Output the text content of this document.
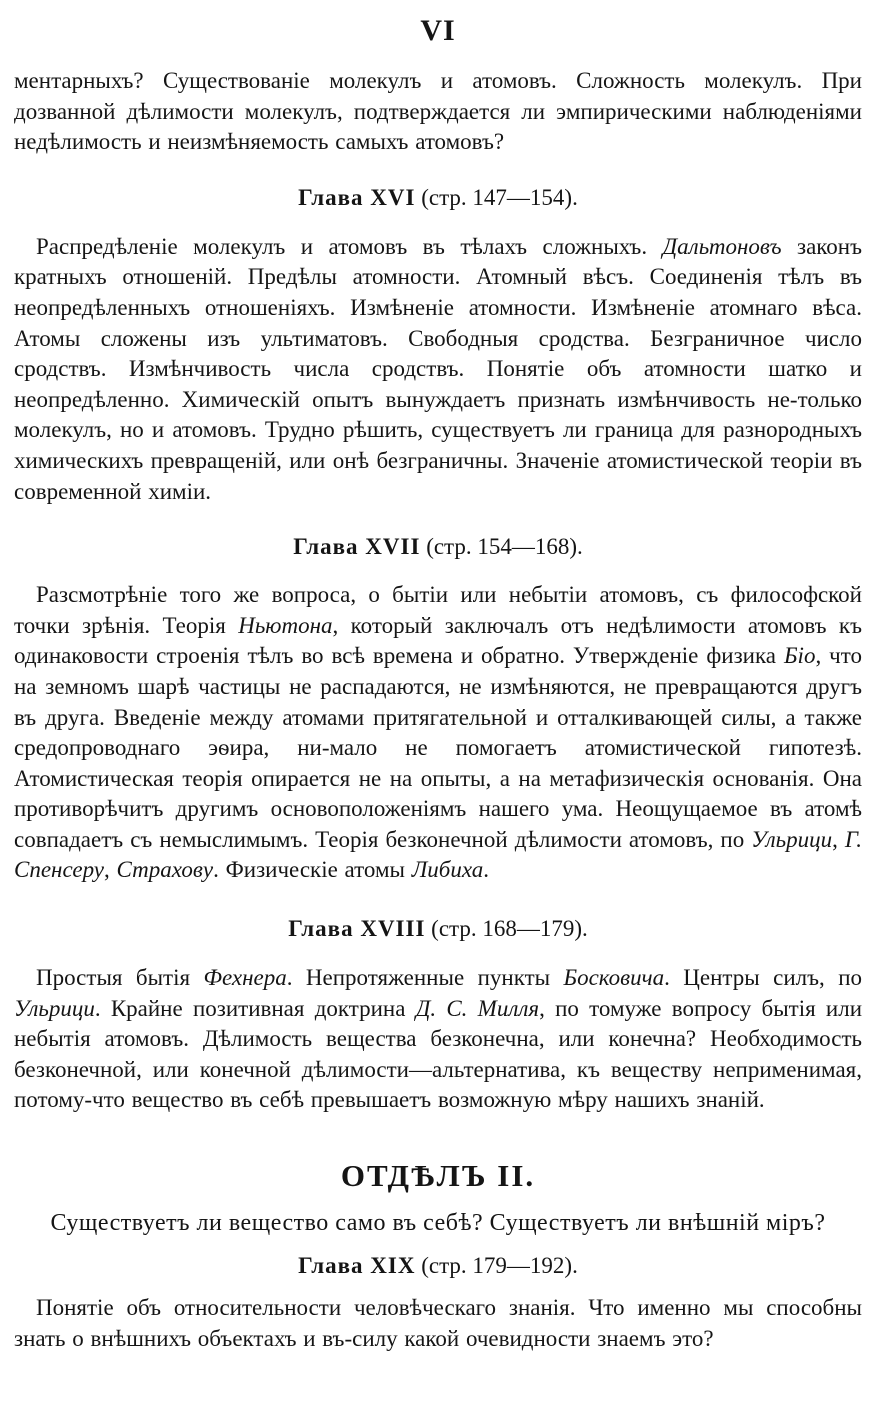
VI

ментарныхъ? Существованіе молекулъ и атомовъ. Сложность молекулъ. При дозванной дѣлимости молекулъ, подтверждается ли эмпирическими наблюденіями недѣлимость и неизмѣняемость самыхъ атомовъ?

Глава XVI (стр. 147—154).

Распредѣленіе молекулъ и атомовъ въ тѣлахъ сложныхъ. Дальтоновъ законъ кратныхъ отношеній. Предѣлы атомности. Атомный вѣсъ. Соединенія тѣлъ въ неопредѣленныхъ отношеніяхъ. Измѣненіе атомности. Измѣненіе атомнаго вѣса. Атомы сложены изъ ультиматовъ. Свободныя сродства. Безграничное число сродствъ. Измѣнчивость числа сродствъ. Понятіе объ атомности шатко и неопредѣленно. Химическій опытъ вынуждаетъ признать измѣнчивость не-только молекулъ, но и атомовъ. Трудно рѣшить, существуетъ ли граница для разнородныхъ химическихъ превращеній, или онѣ безграничны. Значеніе атомистической теоріи въ современной химіи.

Глава XVII (стр. 154—168).

Разсмотрѣніе того же вопроса, о бытіи или небытіи атомовъ, съ философской точки зрѣнія. Теорія Ньютона, который заключалъ отъ недѣлимости атомовъ къ одинаковости строенія тѣлъ во всѣ времена и обратно. Утвержденіе физика Біо, что на земномъ шарѣ частицы не распадаются, не измѣняются, не превращаются другъ въ друга. Введеніе между атомами притягательной и отталкивающей силы, а также средопроводнаго эѳира, ни-мало не помогаетъ атомистической гипотезѣ. Атомистическая теорія опирается не на опыты, а на метафизическія основанія. Она противорѣчитъ другимъ основоположеніямъ нашего ума. Неощущаемое въ атомѣ совпадаетъ съ немыслимымъ. Теорія безконечной дѣлимости атомовъ, по Ульрици, Г. Спенсеру, Страхову. Физическіе атомы Либиха.

Глава XVIII (стр. 168—179).

Простыя бытія Фехнера. Непротяженные пункты Босковича. Центры силъ, по Ульрици. Крайне позитивная доктрина Д. С. Милля, по томуже вопросу бытія или небытія атомовъ. Дѣлимость вещества безконечна, или конечна? Необходимость безконечной, или конечной дѣлимости—альтернатива, къ веществу неприменимая, потому-что вещество въ себѣ превышаетъ возможную мѣру нашихъ знаній.

ОТДѢЛЪ II.

Существуетъ ли вещество само въ себѣ? Существуетъ ли внѣшній міръ?

Глава XIX (стр. 179—192).

Понятіе объ относительности человѣческаго знанія. Что именно мы способны знать о внѣшнихъ объектахъ и въ-силу какой очевидности знаемъ это?
